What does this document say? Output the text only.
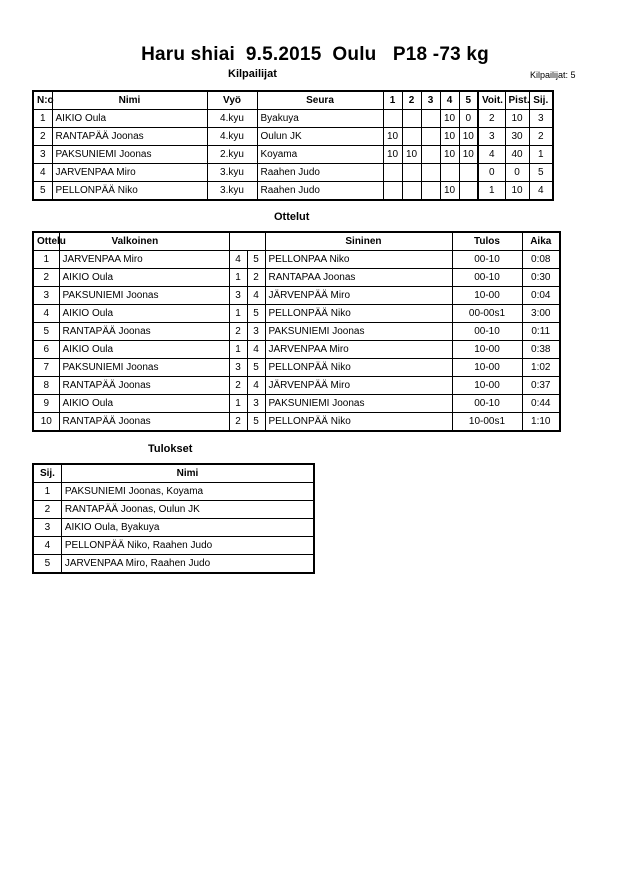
Haru shiai  9.5.2015  Oulu   P18 -73 kg
Kilpailijat	Kilpailijat: 5
N:o	Nimi	Vyö	Seura	1	2	3	4	5	Voit.	Pist.	Sij.
1	AIKIO Oula	4.kyu	Byakuya				10	0	2	10	3
2	RANTAPÄÄ Joonas	4.kyu	Oulun JK	10			10	10	3	30	2
3	PAKSUNIEMI Joonas	2.kyu	Koyama	10	10		10	10	4	40	1
4	JARVENPAA Miro	3.kyu	Raahen Judo						0	0	5
5	PELLONPÄÄ Niko	3.kyu	Raahen Judo				10		1	10	4
Ottelut
Ottelu	Valkoinen			Sininen	Tulos	Aika
1	JARVENPAA Miro	4	5	PELLONPAA Niko	00-10	0:08
2	AIKIO Oula	1	2	RANTAPAA Joonas	00-10	0:30
3	PAKSUNIEMI Joonas	3	4	JÄRVENPÄÄ Miro	10-00	0:04
4	AIKIO Oula	1	5	PELLONPÄÄ Niko	00-00s1	3:00
5	RANTAPÄÄ Joonas	2	3	PAKSUNIEMI Joonas	00-10	0:11
6	AIKIO Oula	1	4	JARVENPAA Miro	10-00	0:38
7	PAKSUNIEMI Joonas	3	5	PELLONPÄÄ Niko	10-00	1:02
8	RANTAPÄÄ Joonas	2	4	JÄRVENPÄÄ Miro	10-00	0:37
9	AIKIO Oula	1	3	PAKSUNIEMI Joonas	00-10	0:44
10	RANTAPÄÄ Joonas	2	5	PELLONPÄÄ Niko	10-00s1	1:10
Tulokset
Sij.	Nimi
1	PAKSUNIEMI Joonas, Koyama
2	RANTAPÄÄ Joonas, Oulun JK
3	AIKIO Oula, Byakuya
4	PELLONPÄÄ Niko, Raahen Judo
5	JARVENPAA Miro, Raahen Judo
